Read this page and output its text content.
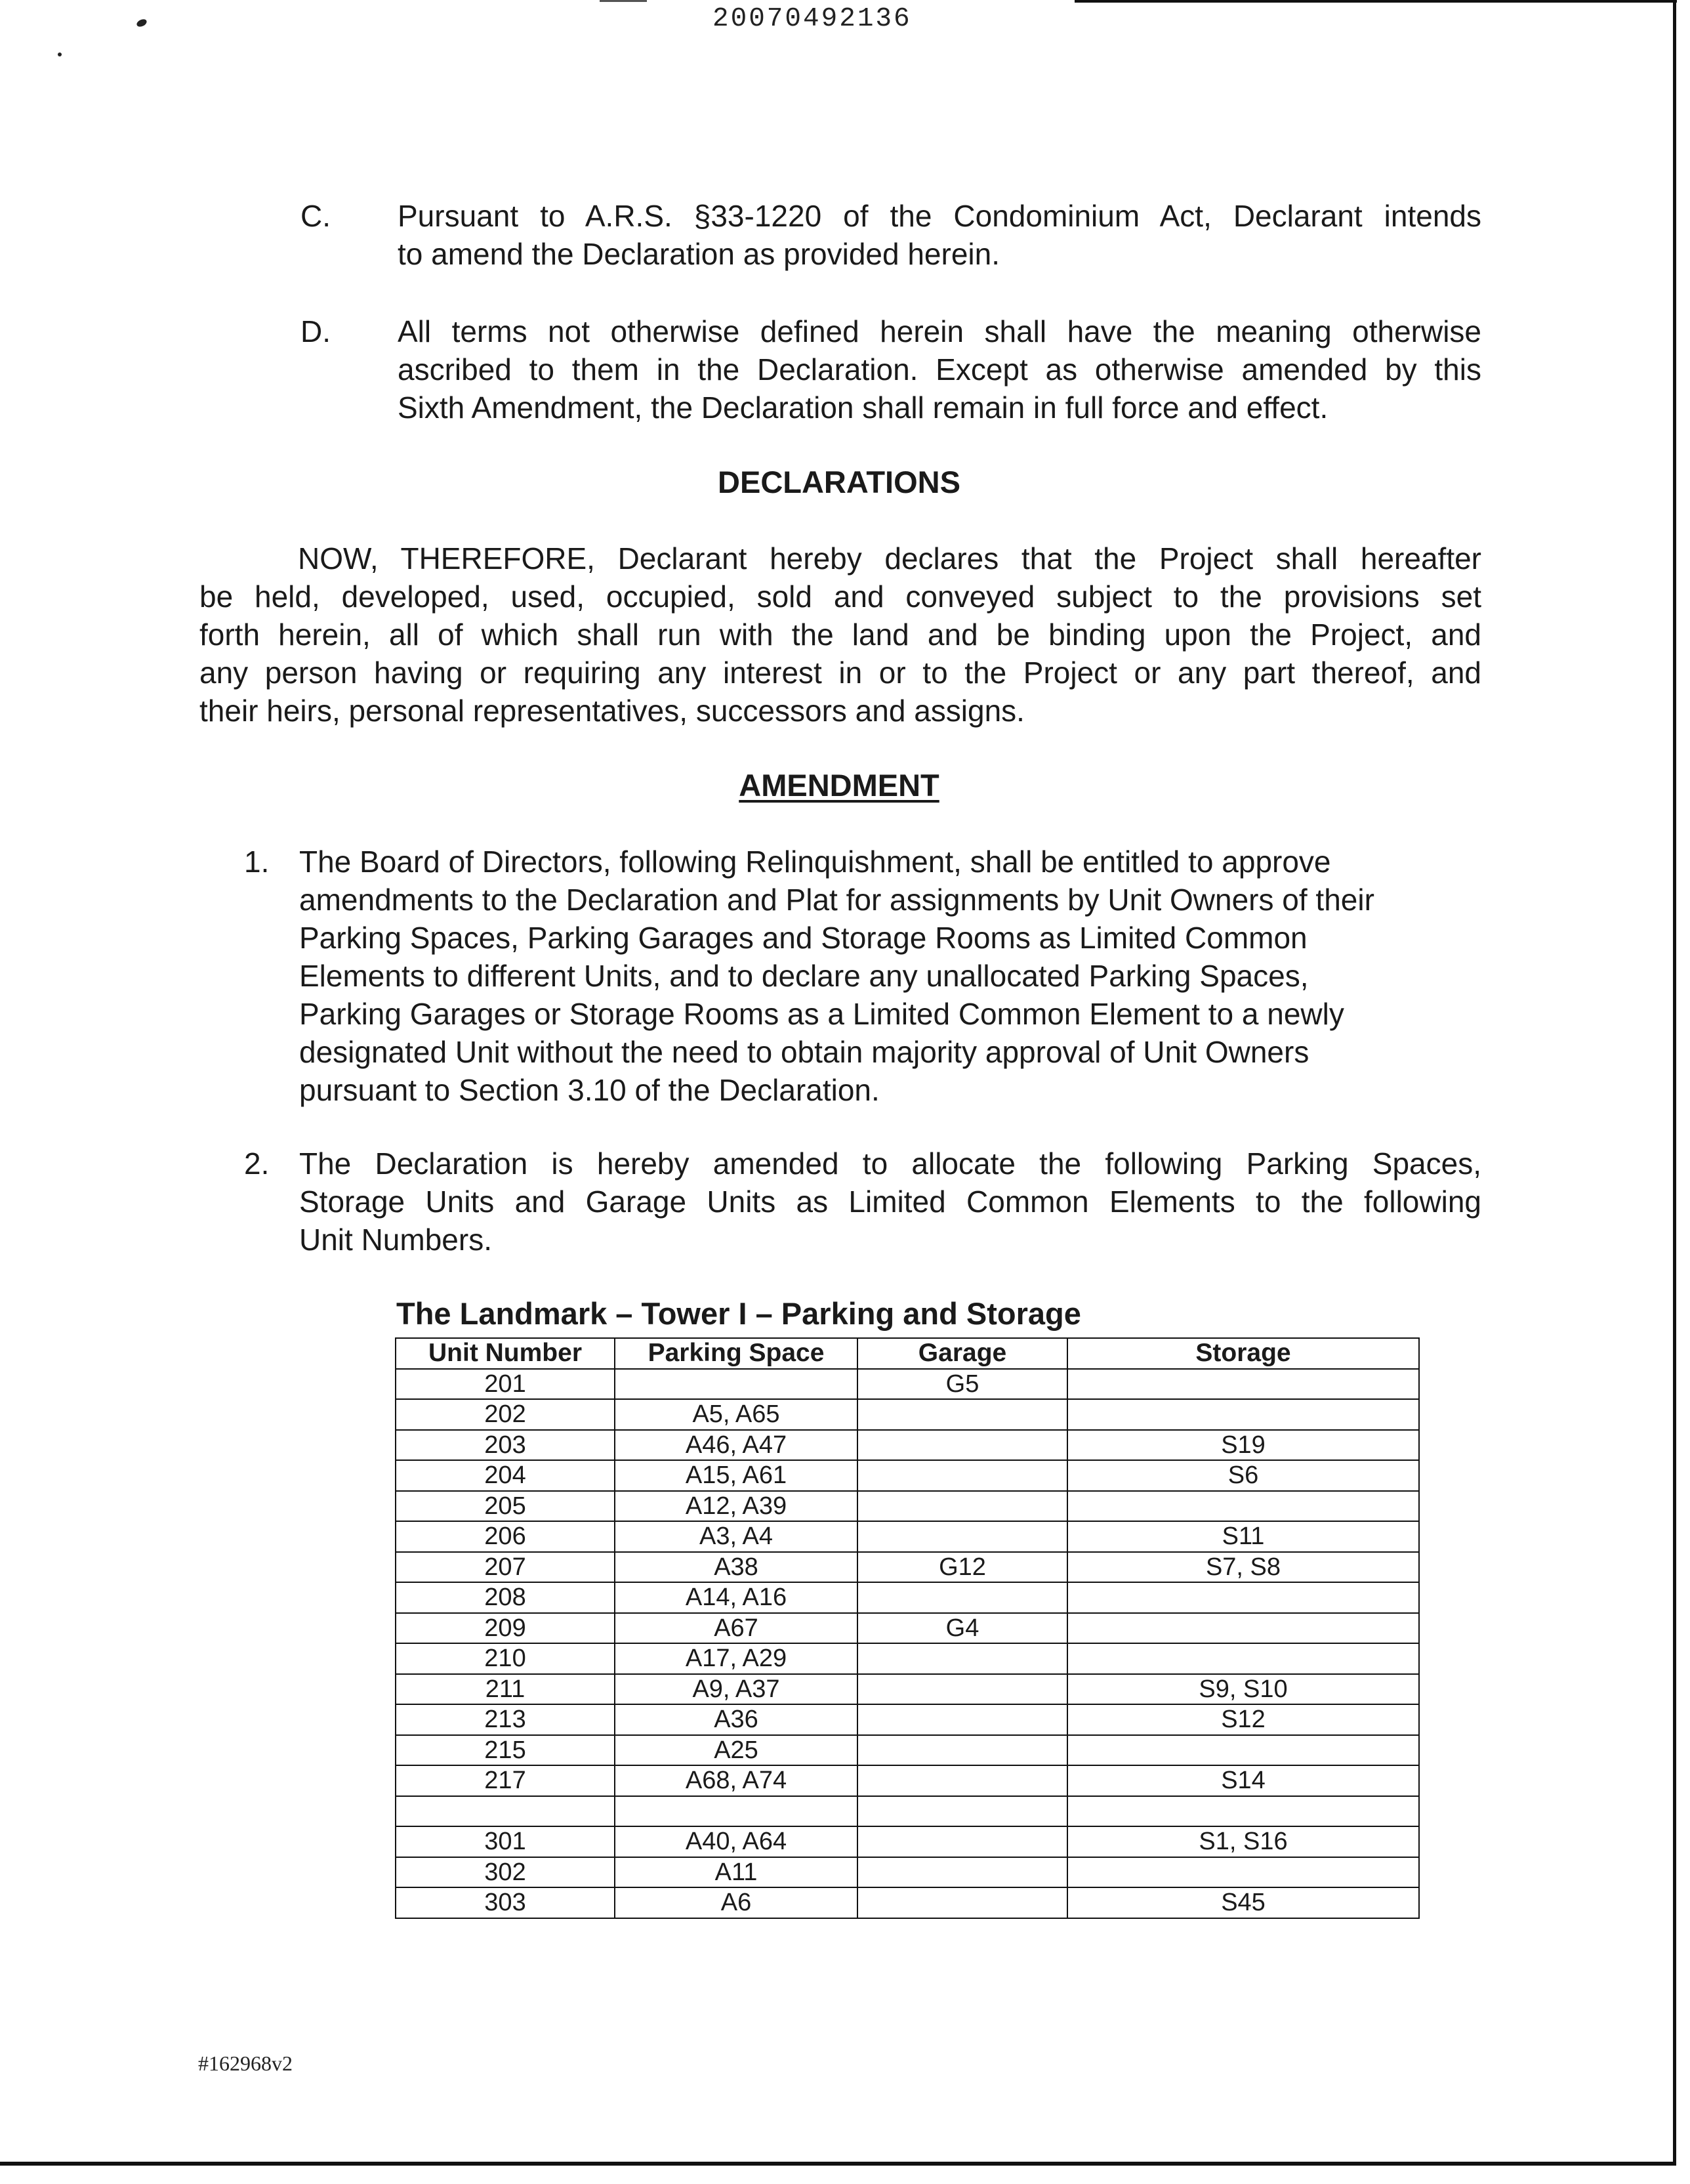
20070492136
C. Pursuant to A.R.S. §33-1220 of the Condominium Act, Declarant intends
to amend the Declaration as provided herein.
D. All terms not otherwise defined herein shall have the meaning otherwise
ascribed to them in the Declaration. Except as otherwise amended by this
Sixth Amendment, the Declaration shall remain in full force and effect.
DECLARATIONS
NOW, THEREFORE, Declarant hereby declares that the Project shall hereafter
be held, developed, used, occupied, sold and conveyed subject to the provisions set
forth herein, all of which shall run with the land and be binding upon the Project, and
any person having or requiring any interest in or to the Project or any part thereof, and
their heirs, personal representatives, successors and assigns.
AMENDMENT
1. The Board of Directors, following Relinquishment, shall be entitled to approve
amendments to the Declaration and Plat for assignments by Unit Owners of their
Parking Spaces, Parking Garages and Storage Rooms as Limited Common
Elements to different Units, and to declare any unallocated Parking Spaces,
Parking Garages or Storage Rooms as a Limited Common Element to a newly
designated Unit without the need to obtain majority approval of Unit Owners
pursuant to Section 3.10 of the Declaration.
2. The Declaration is hereby amended to allocate the following Parking Spaces,
Storage Units and Garage Units as Limited Common Elements to the following
Unit Numbers.
The Landmark – Tower I – Parking and Storage
Unit Number	Parking Space	Garage	Storage
201		G5	
202	A5, A65		
203	A46, A47		S19
204	A15, A61		S6
205	A12, A39		
206	A3, A4		S11
207	A38	G12	S7, S8
208	A14, A16		
209	A67	G4	
210	A17, A29		
211	A9, A37		S9, S10
213	A36		S12
215	A25		
217	A68, A74		S14

301	A40, A64		S1, S16
302	A11		
303	A6		S45
#162968v2
